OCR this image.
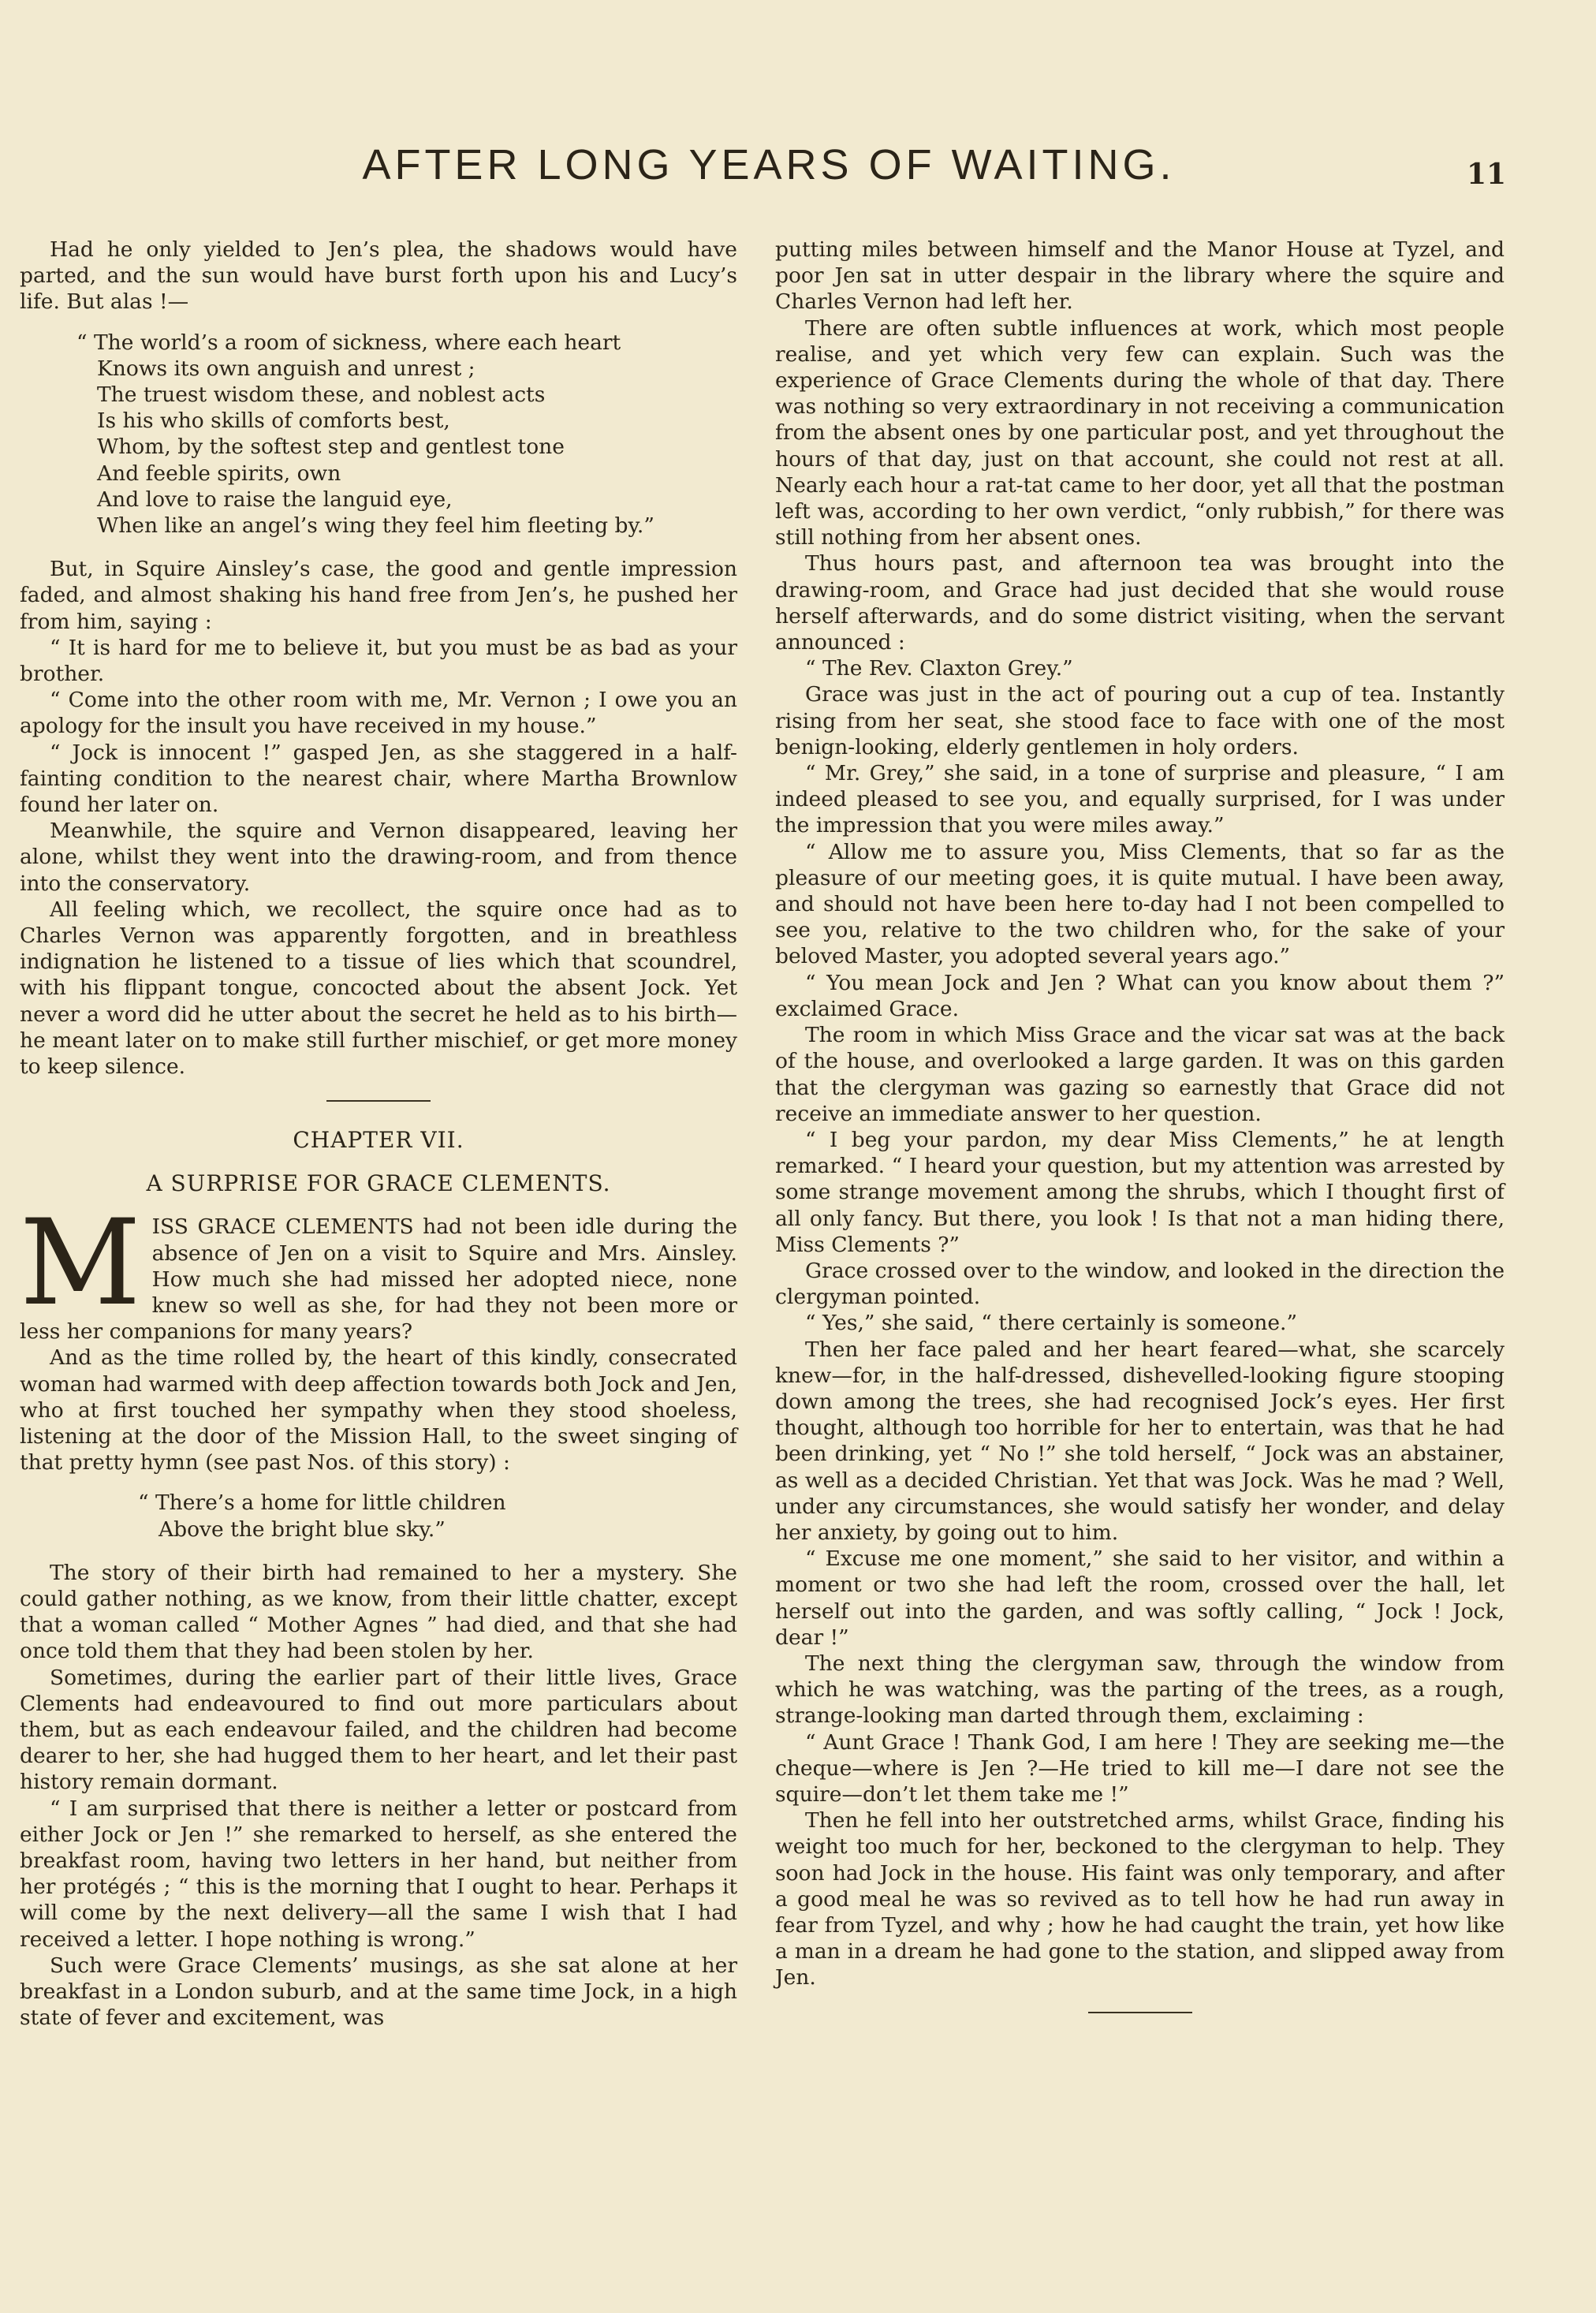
AFTER LONG YEARS OF WAITING.	11

Had he only yielded to Jen’s plea, the shadows would have parted, and the sun would have burst forth upon his and Lucy’s life. But alas !—

“ The world’s a room of sickness, where each heart
Knows its own anguish and unrest ;
The truest wisdom these, and noblest acts
Is his who skills of comforts best,
Whom, by the softest step and gentlest tone
And feeble spirits, own
And love to raise the languid eye,
When like an angel’s wing they feel him fleeting by.”

But, in Squire Ainsley’s case, the good and gentle impression faded, and almost shaking his hand free from Jen’s, he pushed her from him, saying :

“ It is hard for me to believe it, but you must be as bad as your brother.

“ Come into the other room with me, Mr. Vernon ; I owe you an apology for the insult you have received in my house.”

“ Jock is innocent !” gasped Jen, as she staggered in a half-fainting condition to the nearest chair, where Martha Brownlow found her later on.

Meanwhile, the squire and Vernon disappeared, leaving her alone, whilst they went into the drawing-room, and from thence into the conservatory.

All feeling which, we recollect, the squire once had as to Charles Vernon was apparently forgotten, and in breathless indignation he listened to a tissue of lies which that scoundrel, with his flippant tongue, concocted about the absent Jock. Yet never a word did he utter about the secret he held as to his birth—he meant later on to make still further mischief, or get more money to keep silence.

CHAPTER VII.
A SURPRISE FOR GRACE CLEMENTS.
M ISS GRACE CLEMENTS had not been idle during the absence of Jen on a visit to Squire and Mrs. Ainsley. How much she had missed her adopted niece, none knew so well as she, for had they not been more or less her companions for many years?

And as the time rolled by, the heart of this kindly, consecrated woman had warmed with deep affection towards both Jock and Jen, who at first touched her sympathy when they stood shoeless, listening at the door of the Mission Hall, to the sweet singing of that pretty hymn (see past Nos. of this story) :

“ There’s a home for little children
Above the bright blue sky.”

The story of their birth had remained to her a mystery. She could gather nothing, as we know, from their little chatter, except that a woman called “ Mother Agnes ” had died, and that she had once told them that they had been stolen by her.

Sometimes, during the earlier part of their little lives, Grace Clements had endeavoured to find out more particulars about them, but as each endeavour failed, and the children had become dearer to her, she had hugged them to her heart, and let their past history remain dormant.

“ I am surprised that there is neither a letter or postcard from either Jock or Jen !” she remarked to herself, as she entered the breakfast room, having two letters in her hand, but neither from her protégés ; “ this is the morning that I ought to hear. Perhaps it will come by the next delivery—all the same I wish that I had received a letter. I hope nothing is wrong.”

Such were Grace Clements’ musings, as she sat alone at her breakfast in a London suburb, and at the same time Jock, in a high state of fever and excitement, was

putting miles between himself and the Manor House at Tyzel, and poor Jen sat in utter despair in the library where the squire and Charles Vernon had left her.

There are often subtle influences at work, which most people realise, and yet which very few can explain. Such was the experience of Grace Clements during the whole of that day. There was nothing so very extraordinary in not receiving a communication from the absent ones by one particular post, and yet throughout the hours of that day, just on that account, she could not rest at all. Nearly each hour a rat-tat came to her door, yet all that the postman left was, according to her own verdict, “only rubbish,” for there was still nothing from her absent ones.

Thus hours past, and afternoon tea was brought into the drawing-room, and Grace had just decided that she would rouse herself afterwards, and do some district visiting, when the servant announced :

“ The Rev. Claxton Grey.”

Grace was just in the act of pouring out a cup of tea. Instantly rising from her seat, she stood face to face with one of the most benign-looking, elderly gentlemen in holy orders.

“ Mr. Grey,” she said, in a tone of surprise and pleasure, “ I am indeed pleased to see you, and equally surprised, for I was under the impression that you were miles away.”

“ Allow me to assure you, Miss Clements, that so far as the pleasure of our meeting goes, it is quite mutual. I have been away, and should not have been here to-day had I not been compelled to see you, relative to the two children who, for the sake of your beloved Master, you adopted several years ago.”

“ You mean Jock and Jen ? What can you know about them ?” exclaimed Grace.

The room in which Miss Grace and the vicar sat was at the back of the house, and overlooked a large garden. It was on this garden that the clergyman was gazing so earnestly that Grace did not receive an immediate answer to her question.

“ I beg your pardon, my dear Miss Clements,” he at length remarked. “ I heard your question, but my attention was arrested by some strange movement among the shrubs, which I thought first of all only fancy. But there, you look ! Is that not a man hiding there, Miss Clements ?”

Grace crossed over to the window, and looked in the direction the clergyman pointed.

“ Yes,” she said, “ there certainly is someone.”

Then her face paled and her heart feared—what, she scarcely knew—for, in the half-dressed, dishevelled-looking figure stooping down among the trees, she had recognised Jock’s eyes. Her first thought, although too horrible for her to entertain, was that he had been drinking, yet “ No !” she told herself, “ Jock was an abstainer, as well as a decided Christian. Yet that was Jock. Was he mad ? Well, under any circumstances, she would satisfy her wonder, and delay her anxiety, by going out to him.

“ Excuse me one moment,” she said to her visitor, and within a moment or two she had left the room, crossed over the hall, let herself out into the garden, and was softly calling, “ Jock ! Jock, dear !”

The next thing the clergyman saw, through the window from which he was watching, was the parting of the trees, as a rough, strange-looking man darted through them, exclaiming :

“ Aunt Grace ! Thank God, I am here ! They are seeking me—the cheque—where is Jen ?—He tried to kill me—I dare not see the squire—don’t let them take me !”

Then he fell into her outstretched arms, whilst Grace, finding his weight too much for her, beckoned to the clergyman to help. They soon had Jock in the house. His faint was only temporary, and after a good meal he was so revived as to tell how he had run away in fear from Tyzel, and why ; how he had caught the train, yet how like a man in a dream he had gone to the station, and slipped away from Jen.
